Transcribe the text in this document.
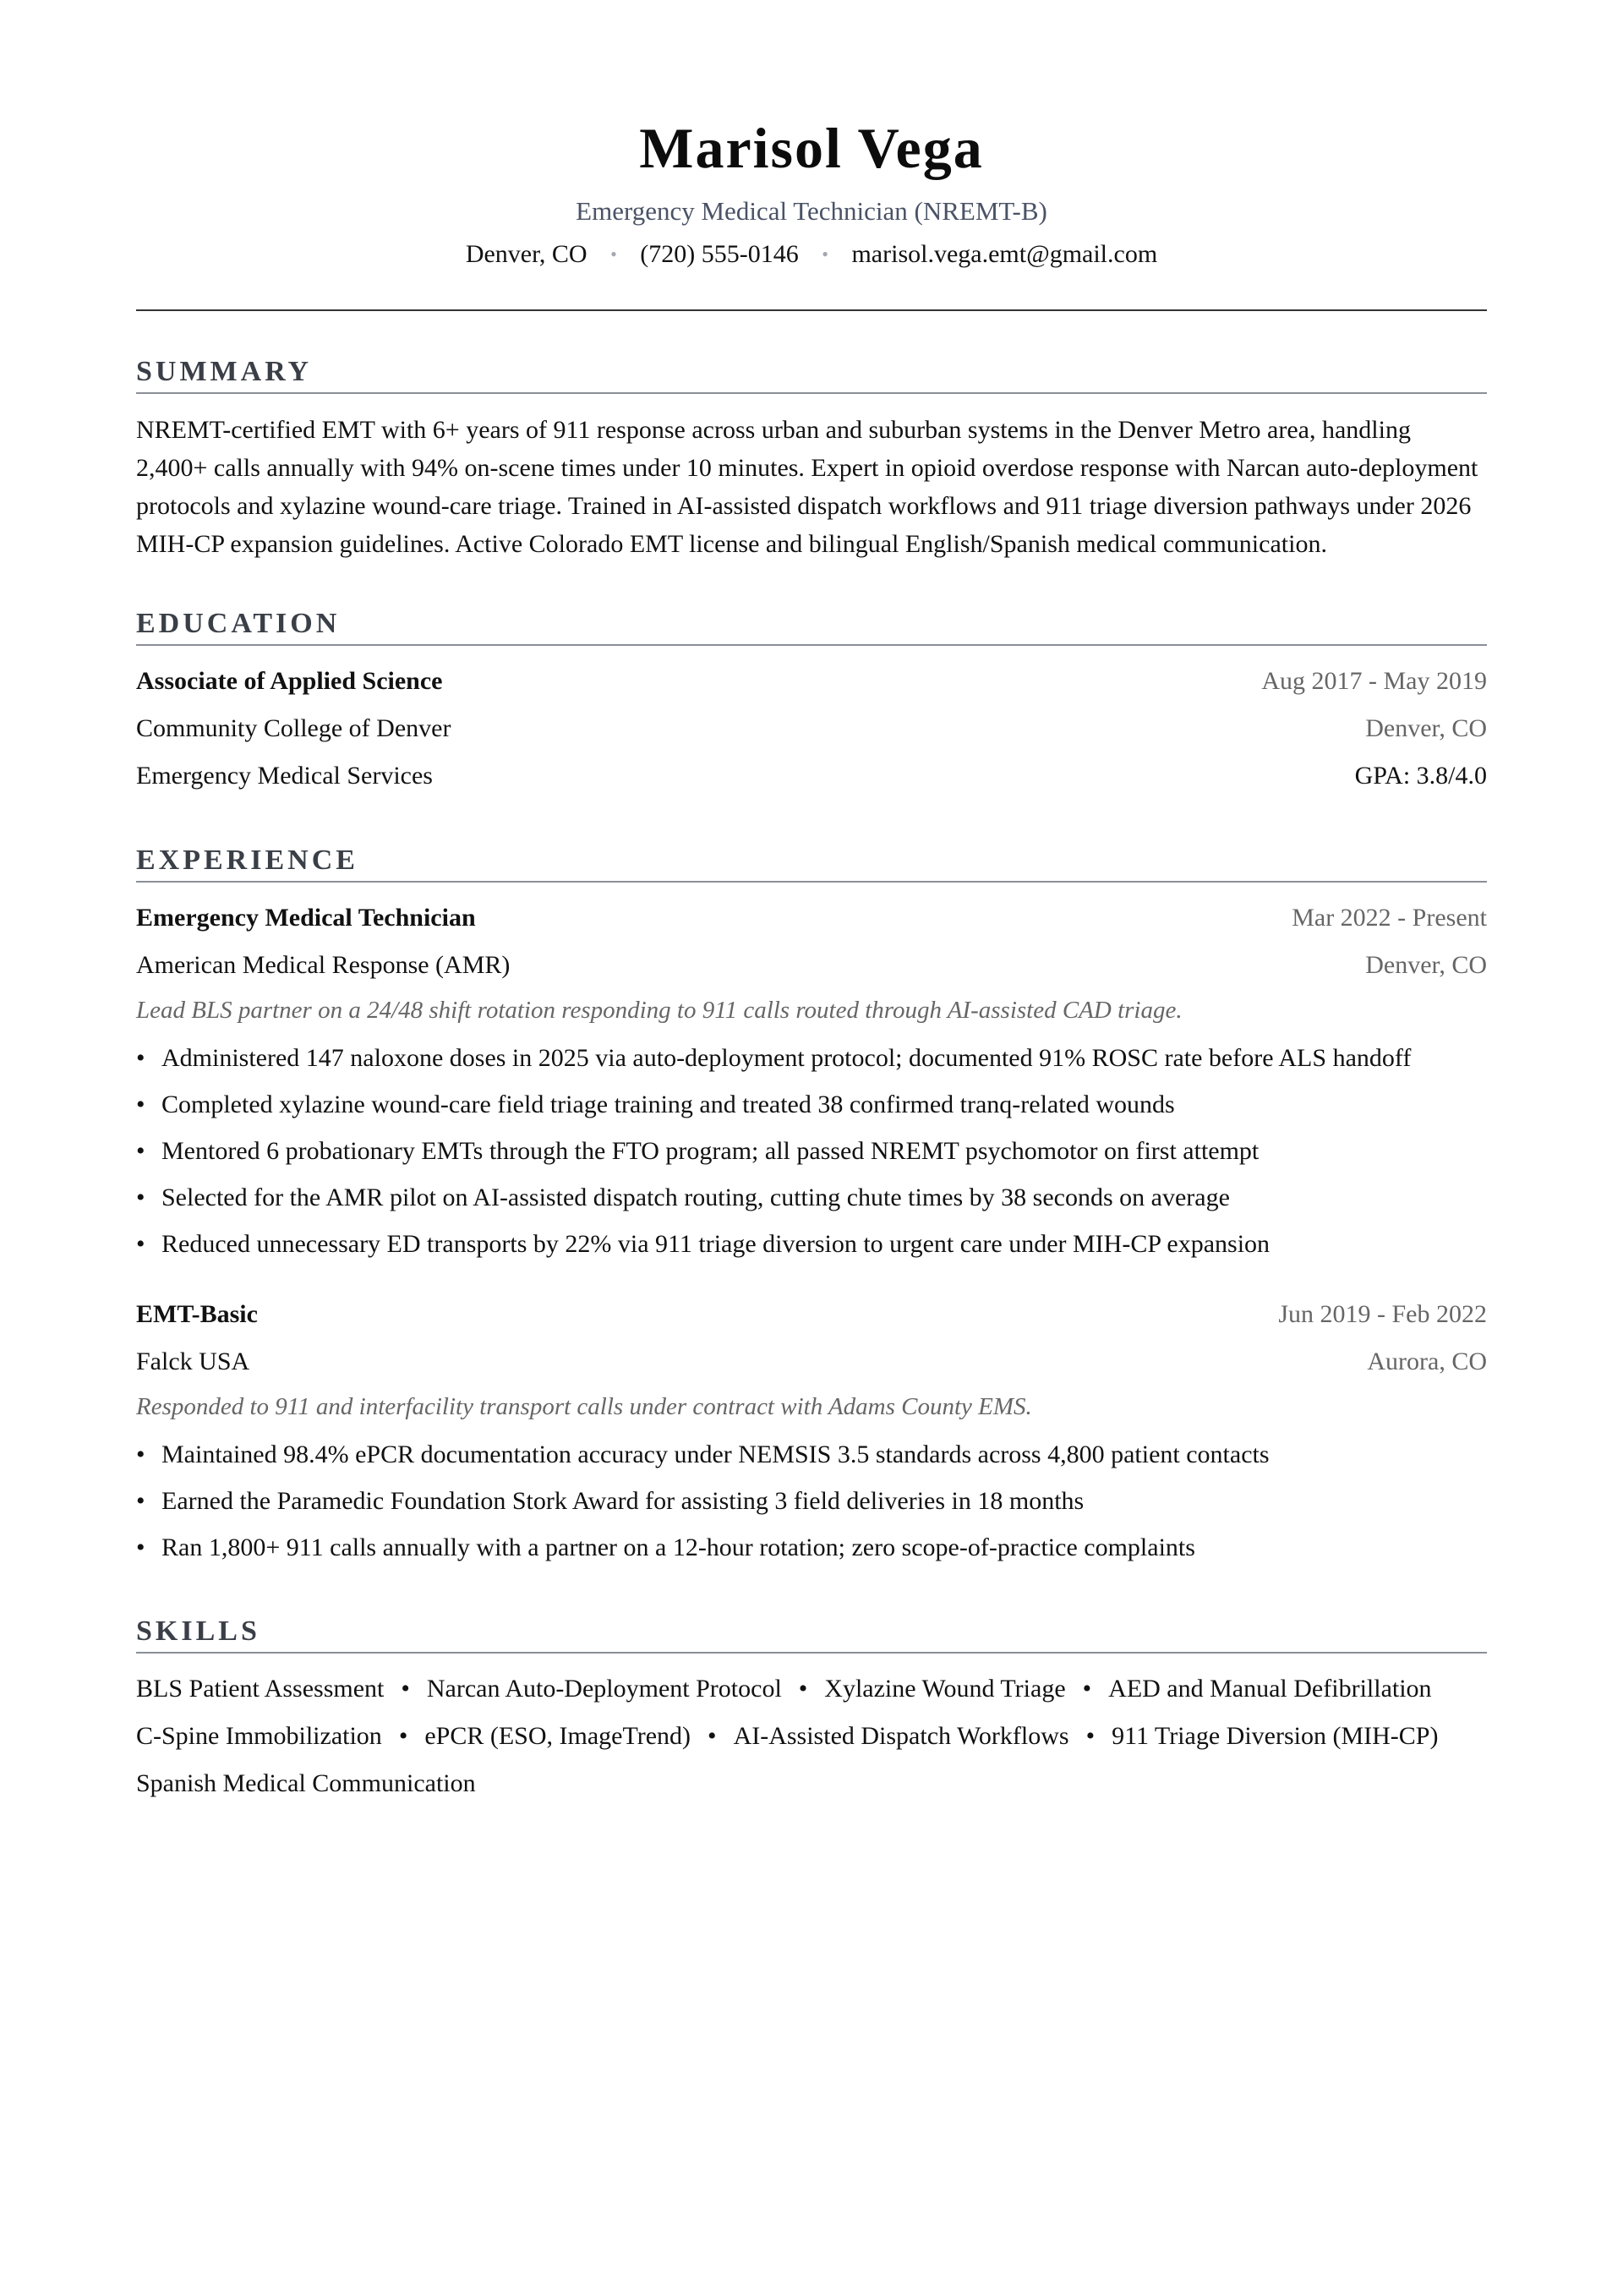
Marisol Vega
Emergency Medical Technician (NREMT-B)
Denver, CO • (720) 555-0146 • marisol.vega.emt@gmail.com
SUMMARY
NREMT-certified EMT with 6+ years of 911 response across urban and suburban systems in the Denver Metro area, handling 2,400+ calls annually with 94% on-scene times under 10 minutes. Expert in opioid overdose response with Narcan auto-deployment protocols and xylazine wound-care triage. Trained in AI-assisted dispatch workflows and 911 triage diversion pathways under 2026 MIH-CP expansion guidelines. Active Colorado EMT license and bilingual English/Spanish medical communication.
EDUCATION
Associate of Applied Science	Aug 2017 - May 2019
Community College of Denver	Denver, CO
Emergency Medical Services	GPA: 3.8/4.0
EXPERIENCE
Emergency Medical Technician	Mar 2022 - Present
American Medical Response (AMR)	Denver, CO
Lead BLS partner on a 24/48 shift rotation responding to 911 calls routed through AI-assisted CAD triage.
• Administered 147 naloxone doses in 2025 via auto-deployment protocol; documented 91% ROSC rate before ALS handoff
• Completed xylazine wound-care field triage training and treated 38 confirmed tranq-related wounds
• Mentored 6 probationary EMTs through the FTO program; all passed NREMT psychomotor on first attempt
• Selected for the AMR pilot on AI-assisted dispatch routing, cutting chute times by 38 seconds on average
• Reduced unnecessary ED transports by 22% via 911 triage diversion to urgent care under MIH-CP expansion
EMT-Basic	Jun 2019 - Feb 2022
Falck USA	Aurora, CO
Responded to 911 and interfacility transport calls under contract with Adams County EMS.
• Maintained 98.4% ePCR documentation accuracy under NEMSIS 3.5 standards across 4,800 patient contacts
• Earned the Paramedic Foundation Stork Award for assisting 3 field deliveries in 18 months
• Ran 1,800+ 911 calls annually with a partner on a 12-hour rotation; zero scope-of-practice complaints
SKILLS
BLS Patient Assessment • Narcan Auto-Deployment Protocol • Xylazine Wound Triage • AED and Manual Defibrillation
C-Spine Immobilization • ePCR (ESO, ImageTrend) • AI-Assisted Dispatch Workflows • 911 Triage Diversion (MIH-CP)
Spanish Medical Communication
